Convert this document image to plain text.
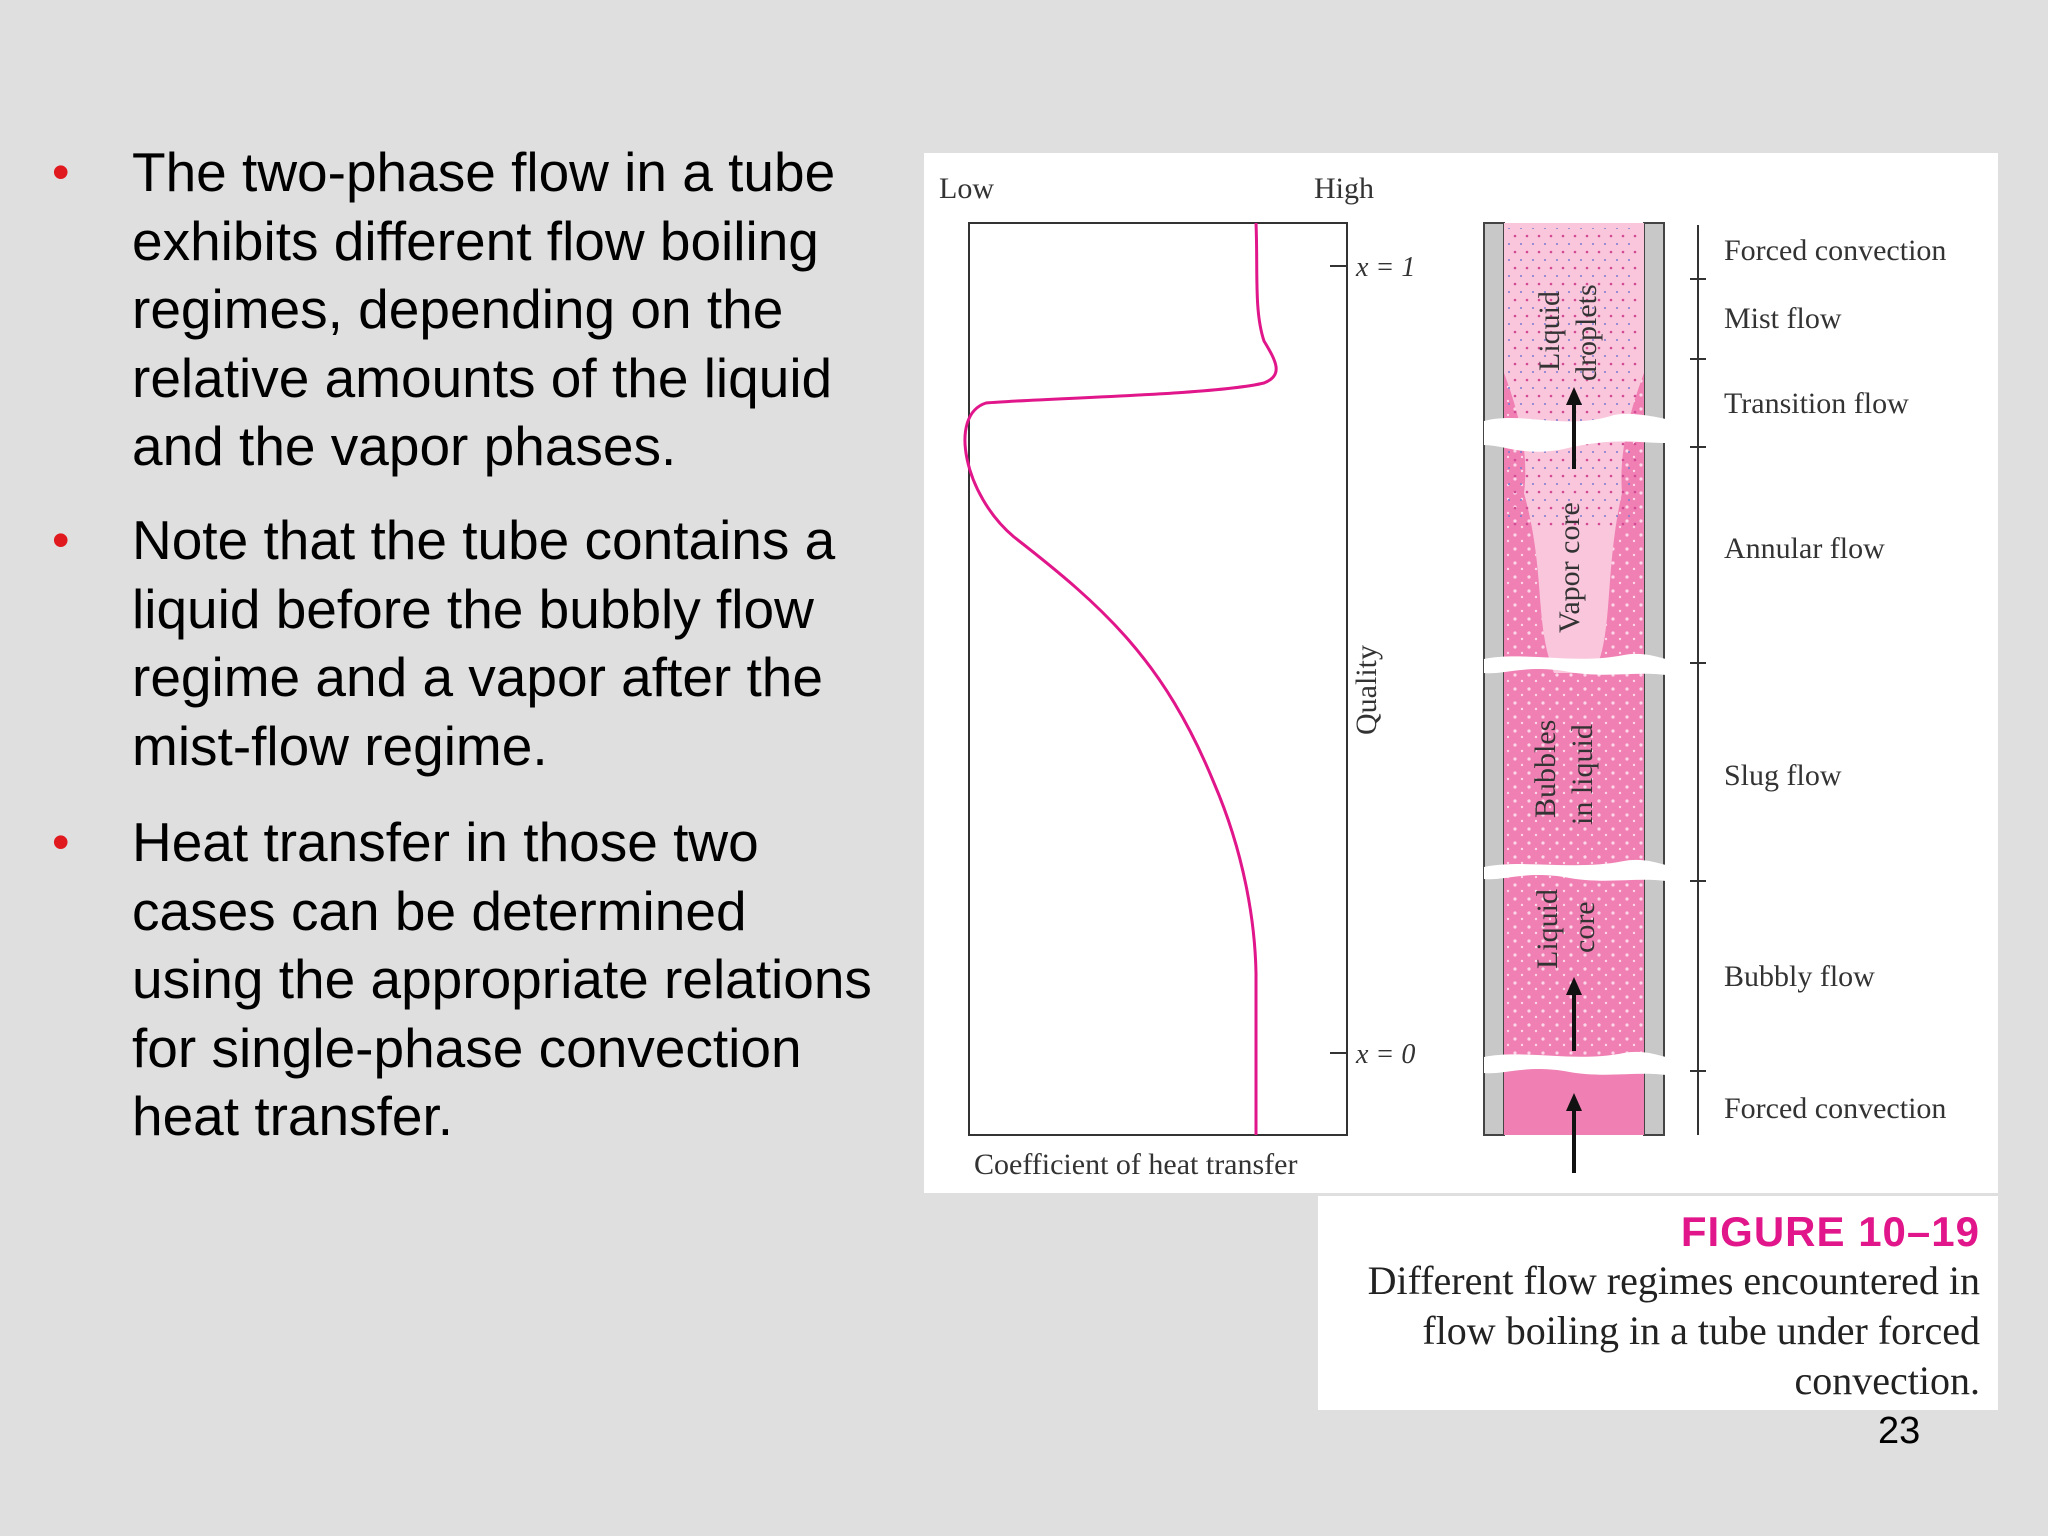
• The two-phase flow in a tube exhibits different flow boiling regimes, depending on the relative amounts of the liquid and the vapor phases.
• Note that the tube contains a liquid before the bubbly flow regime and a vapor after the mist-flow regime.
• Heat transfer in those two cases can be determined using the appropriate relations for single-phase convection heat transfer.
Low	High
x = 1
x = 0
Quality
Coefficient of heat transfer
Liquid droplets
Vapor core
Bubbles in liquid
Liquid core
Forced convection
Mist flow
Transition flow
Annular flow
Slug flow
Bubbly flow
Forced convection
FIGURE 10–19
Different flow regimes encountered in flow boiling in a tube under forced convection.
23
